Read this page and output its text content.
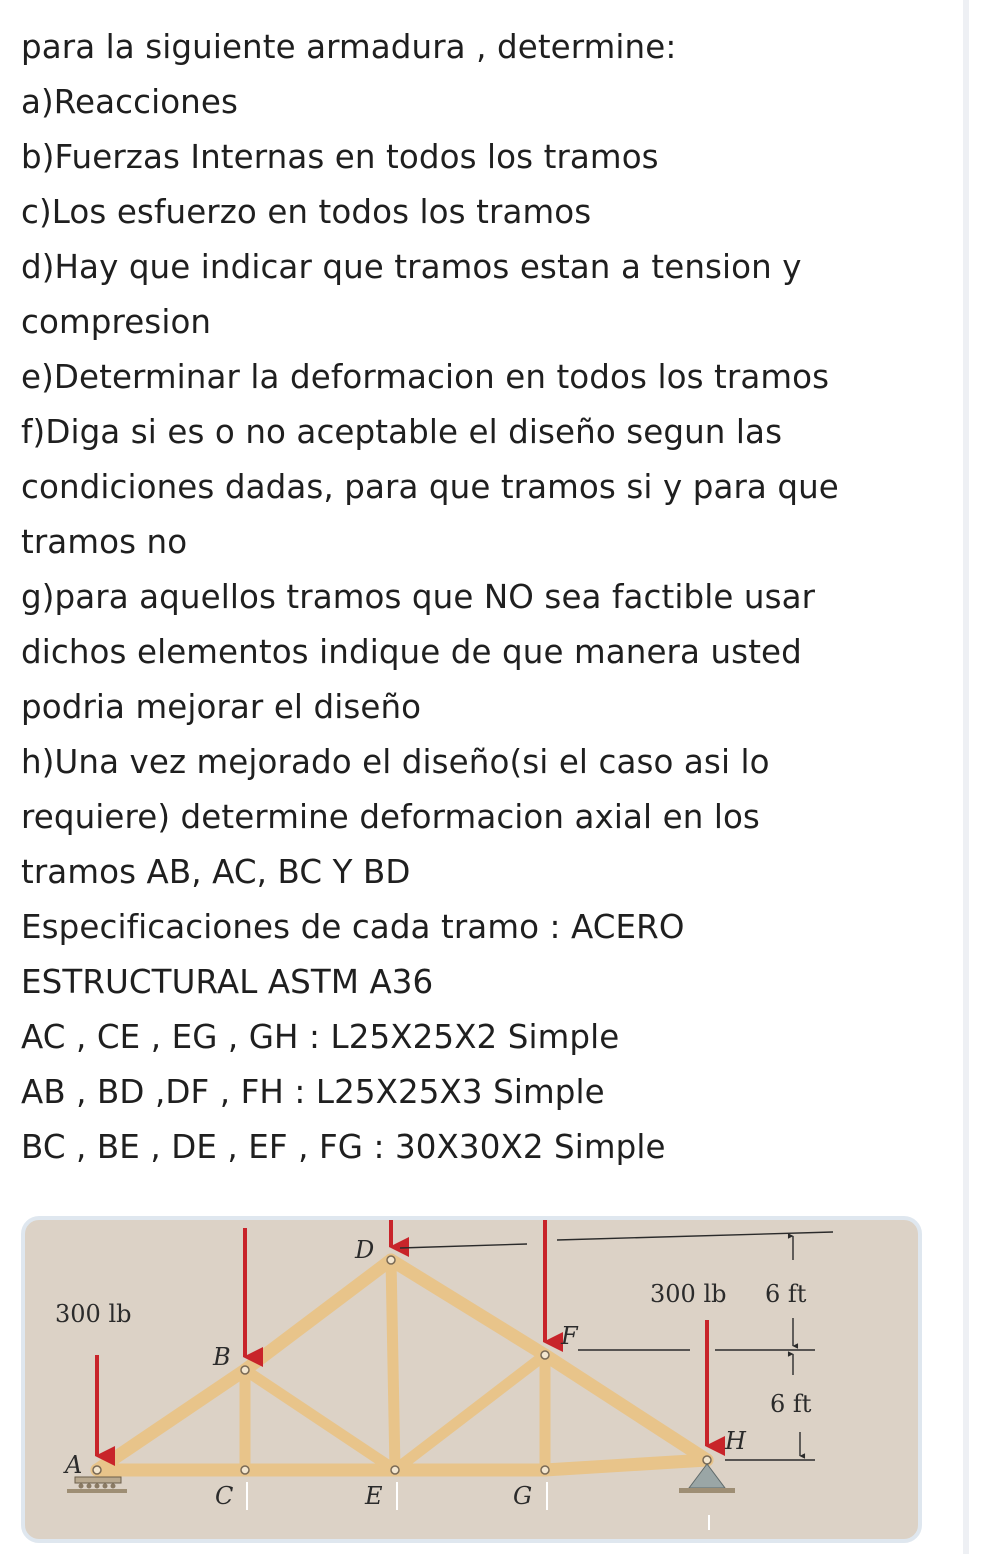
para la siguiente armadura , determine:
a)Reacciones
b)Fuerzas Internas en todos los tramos
c)Los esfuerzo en todos los tramos
d)Hay que indicar que tramos estan a tension y
compresion
e)Determinar la deformacion en todos los tramos
f)Diga si es o no aceptable el diseño segun las
condiciones dadas, para que tramos si y para que
tramos no
g)para aquellos tramos que NO sea factible usar
dichos elementos indique de que manera usted
podria mejorar el diseño
h)Una vez mejorado el diseño(si el caso asi lo
requiere) determine deformacion axial en los
tramos AB, AC, BC Y BD
Especificaciones de cada tramo : ACERO
ESTRUCTURAL ASTM A36
AC , CE , EG , GH : L25X25X2 Simple
AB , BD ,DF , FH : L25X25X3 Simple
BC , BE , DE , EF , FG : 30X30X2 Simple
A
B
C
D
E
F
G
H
300 lb
300 lb 6 ft
6 ft
